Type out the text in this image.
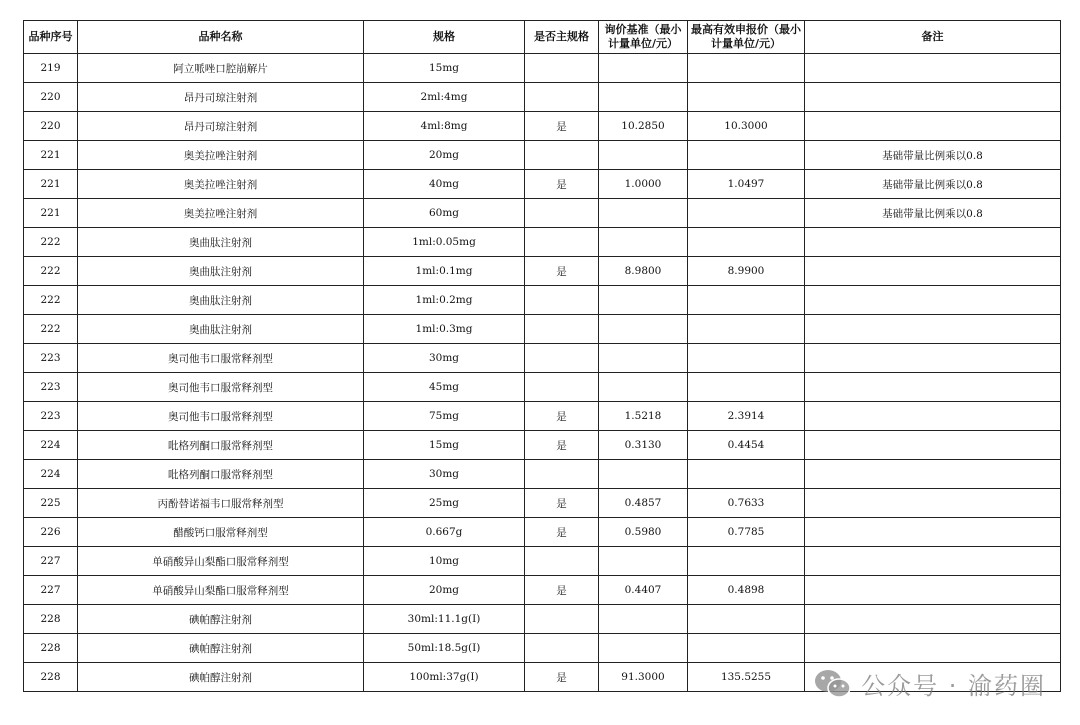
品种序号	品种名称	规格	是否主规格	询价基准（最小计量单位/元）	最高有效申报价（最小计量单位/元）	备注
219	阿立哌唑口腔崩解片	15mg				
220	昂丹司琼注射剂	2ml:4mg				
220	昂丹司琼注射剂	4ml:8mg	是	10.2850	10.3000	
221	奥美拉唑注射剂	20mg				基础带量比例乘以0.8
221	奥美拉唑注射剂	40mg	是	1.0000	1.0497	基础带量比例乘以0.8
221	奥美拉唑注射剂	60mg				基础带量比例乘以0.8
222	奥曲肽注射剂	1ml:0.05mg				
222	奥曲肽注射剂	1ml:0.1mg	是	8.9800	8.9900	
222	奥曲肽注射剂	1ml:0.2mg				
222	奥曲肽注射剂	1ml:0.3mg				
223	奥司他韦口服常释剂型	30mg				
223	奥司他韦口服常释剂型	45mg				
223	奥司他韦口服常释剂型	75mg	是	1.5218	2.3914	
224	吡格列酮口服常释剂型	15mg	是	0.3130	0.4454	
224	吡格列酮口服常释剂型	30mg				
225	丙酚替诺福韦口服常释剂型	25mg	是	0.4857	0.7633	
226	醋酸钙口服常释剂型	0.667g	是	0.5980	0.7785	
227	单硝酸异山梨酯口服常释剂型	10mg				
227	单硝酸异山梨酯口服常释剂型	20mg	是	0.4407	0.4898	
228	碘帕醇注射剂	30ml:11.1g(I)				
228	碘帕醇注射剂	50ml:18.5g(I)				
228	碘帕醇注射剂	100ml:37g(I)	是	91.3000	135.5255		公众号 · 渝药圈
